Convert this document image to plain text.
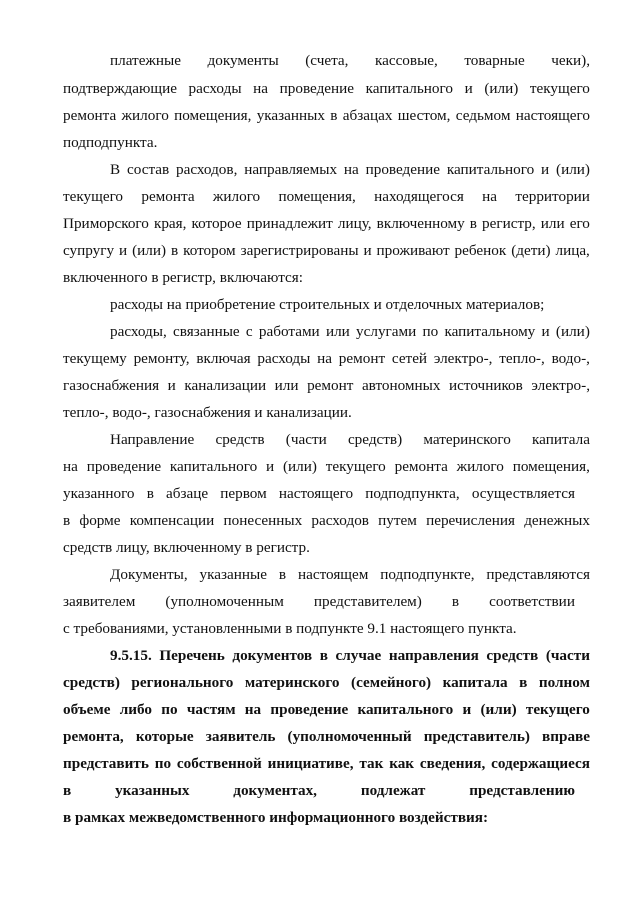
платежные документы (счета, кассовые, товарные чеки),
подтверждающие расходы на проведение капитального и (или) текущего
ремонта жилого помещения, указанных в абзацах шестом, седьмом настоящего
подподпункта.
В состав расходов, направляемых на проведение капитального и (или)
текущего ремонта жилого помещения, находящегося на территории
Приморского края, которое принадлежит лицу, включенному в регистр, или его
супругу и (или) в котором зарегистрированы и проживают ребенок (дети) лица,
включенного в регистр, включаются:
расходы на приобретение строительных и отделочных материалов;
расходы, связанные с работами или услугами по капитальному и (или)
текущему ремонту, включая расходы на ремонт сетей электро-, тепло-, водо-,
газоснабжения и канализации или ремонт автономных источников электро-,
тепло-, водо-, газоснабжения и канализации.
Направление средств (части средств) материнского капитала
на проведение капитального и (или) текущего ремонта жилого помещения,
указанного в абзаце первом настоящего подподпункта, осуществляется
в форме компенсации понесенных расходов путем перечисления денежных
средств лицу, включенному в регистр.
Документы, указанные в настоящем подподпункте, представляются
заявителем (уполномоченным представителем) в соответствии
с требованиями, установленными в подпункте 9.1 настоящего пункта.
9.5.15. Перечень документов в случае направления средств (части
средств) регионального материнского (семейного) капитала в полном
объеме либо по частям на проведение капитального и (или) текущего
ремонта, которые заявитель (уполномоченный представитель) вправе
представить по собственной инициативе, так как сведения, содержащиеся
в	указанных	документах,	подлежат	представлению
в рамках межведомственного информационного воздействия:
